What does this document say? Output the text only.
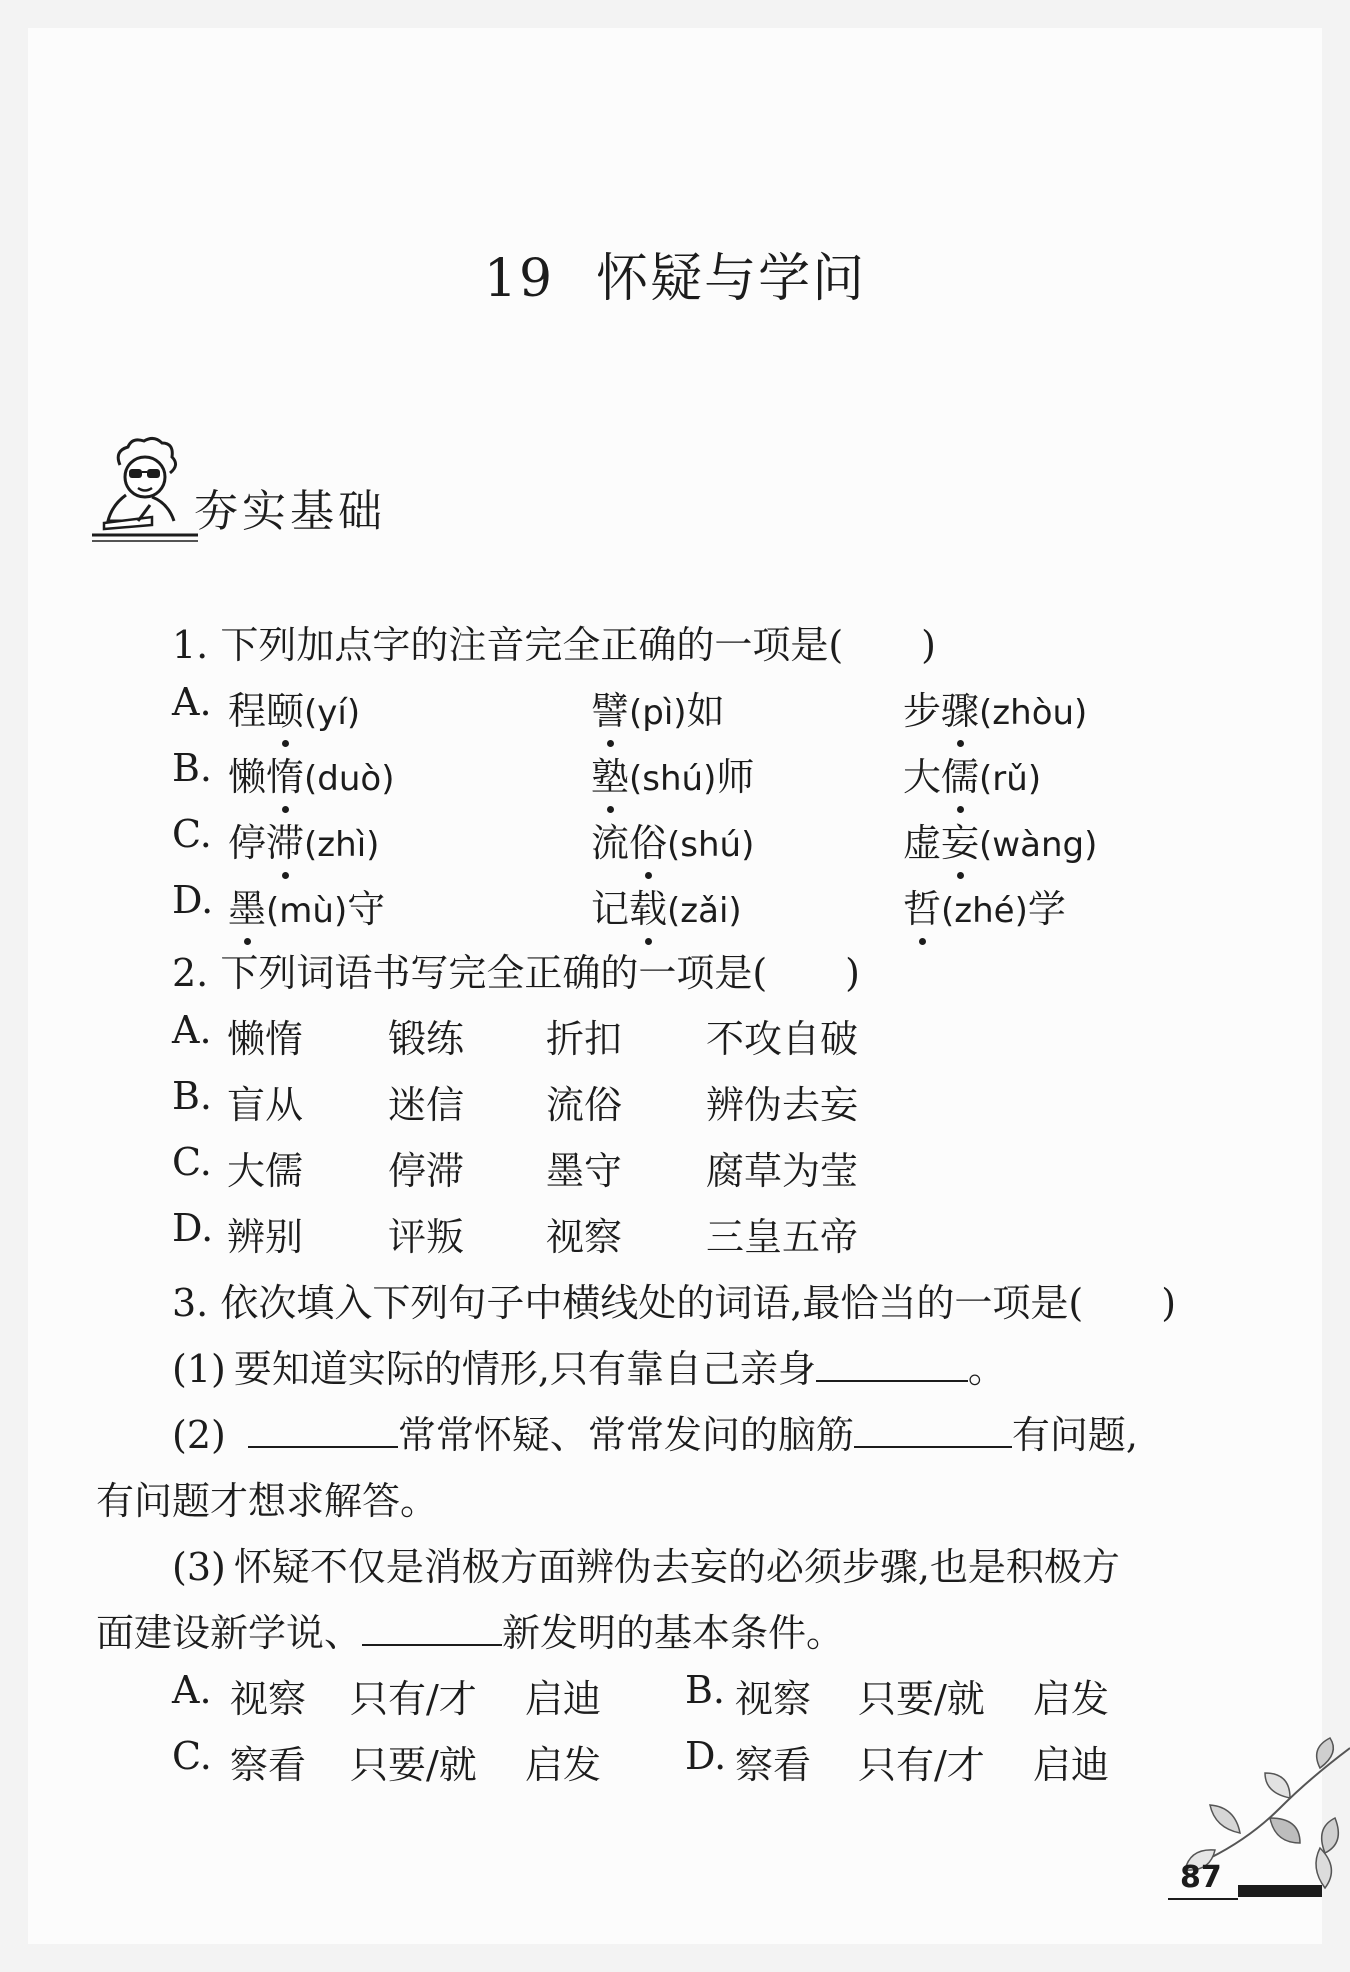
19 怀疑与学问
夯实基础
1. 下列加点字的注音完全正确的一项是( )
A. 程颐(yí)	譬(pì)如	步骤(zhòu)
B. 懒惰(duò)	塾(shú)师	大儒(rǔ)
C. 停滞(zhì)	流俗(shú)	虚妄(wàng)
D. 墨(mù)守	记载(zǎi)	哲(zhé)学
2. 下列词语书写完全正确的一项是( )
A. 懒惰 锻练 折扣 不攻自破
B. 盲从 迷信 流俗 辨伪去妄
C. 大儒 停滞 墨守 腐草为莹
D. 辨别 评叛 视察 三皇五帝
3. 依次填入下列句子中横线处的词语,最恰当的一项是( )
(1) 要知道实际的情形,只有靠自己亲身	。
(2)	常常怀疑、常常发问的脑筋	有问题,
有问题才想求解答。
(3) 怀疑不仅是消极方面辨伪去妄的必须步骤,也是积极方
面建设新学说、	新发明的基本条件。
A. 视察 只有/才 启迪 B. 视察 只要/就 启发
C. 察看 只要/就 启发 D. 察看 只有/才 启迪
87
